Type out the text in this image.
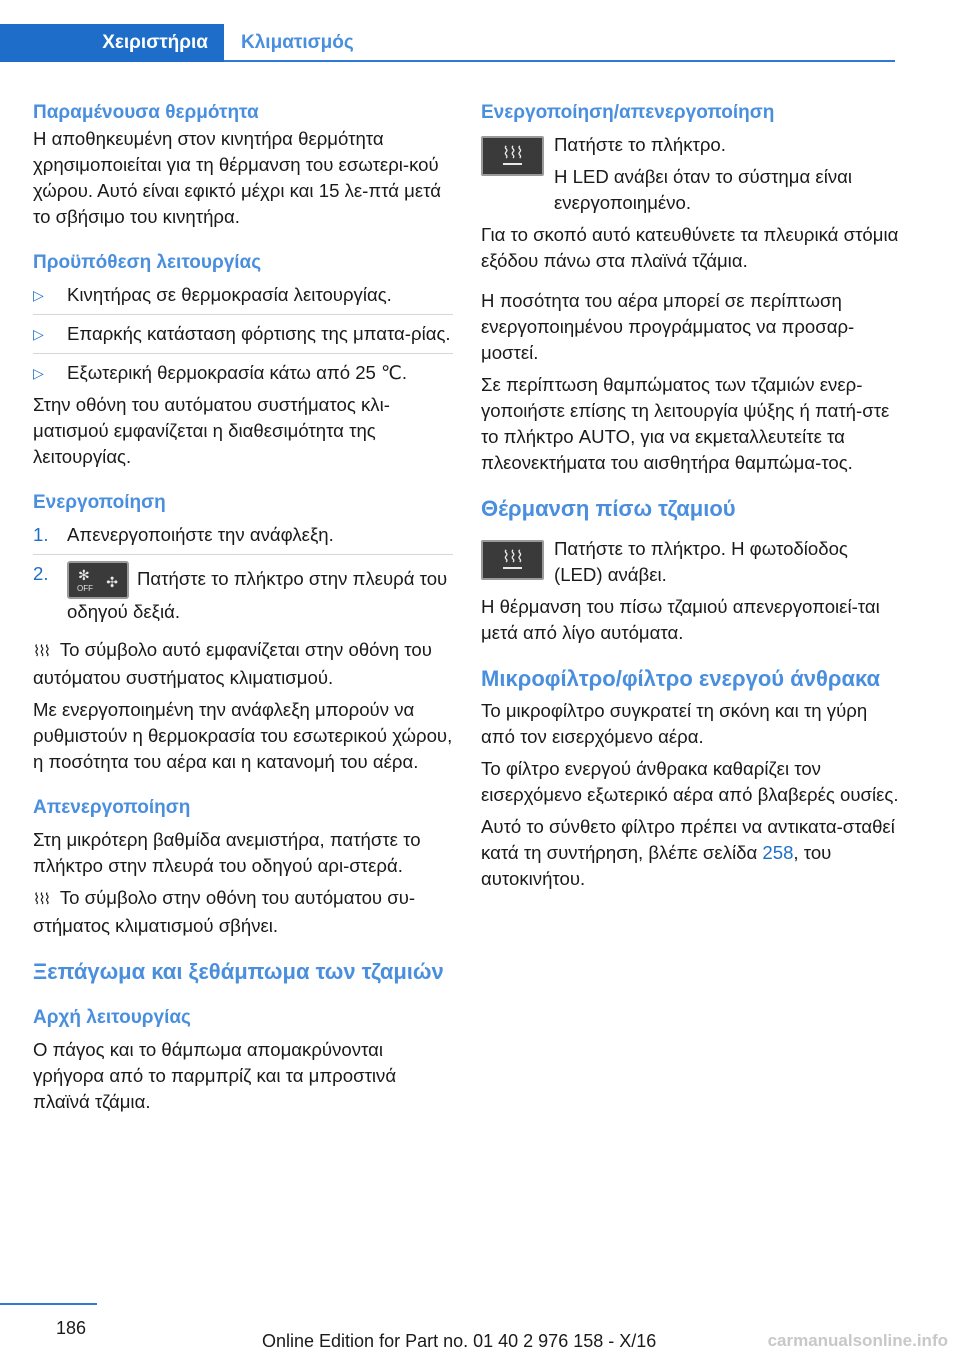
Χειριστήρια	Κλιματισμός
Παραμένουσα θερμότητα

Η αποθηκευμένη στον κινητήρα θερμότητα χρησιμοποιείται για τη θέρμανση του εσωτερι-κού χώρου. Αυτό είναι εφικτό μέχρι και 15 λε-πτά μετά το σβήσιμο του κινητήρα.

Προϋπόθεση λειτουργίας
▷	Κινητήρας σε θερμοκρασία λειτουργίας.
▷	Επαρκής κατάσταση φόρτισης της μπατα-ρίας.
▷	Εξωτερική θερμοκρασία κάτω από 25 ℃.

Στην οθόνη του αυτόματου συστήματος κλι-ματισμού εμφανίζεται η διαθεσιμότητα της λειτουργίας.

Ενεργοποίηση
1. Απενεργοποιήστε την ανάφλεξη.
2.	✻ ✣
OFF Πατήστε το πλήκτρο στην πλευρά του οδηγού δεξιά.

⌇⌇⌇ Το σύμβολο αυτό εμφανίζεται στην οθόνη του αυτόματου συστήματος κλιματισμού.

Με ενεργοποιημένη την ανάφλεξη μπορούν να ρυθμιστούν η θερμοκρασία του εσωτερικού χώρου, η ποσότητα του αέρα και η κατανομή του αέρα.

Απενεργοποίηση

Στη μικρότερη βαθμίδα ανεμιστήρα, πατήστε το πλήκτρο στην πλευρά του οδηγού αρι-στερά.

⌇⌇⌇ Το σύμβολο στην οθόνη του αυτόματου συ-στήματος κλιματισμού σβήνει.

Ξεπάγωμα και ξεθάμπωμα των τζαμιών
Αρχή λειτουργίας

Ο πάγος και το θάμπωμα απομακρύνονται γρήγορα από το παρμπρίζ και τα μπροστινά πλαϊνά τζάμια.

Ενεργοποίηση/απενεργοποίηση
⌇⌇⌇	Πατήστε το πλήκτρο.

Η LED ανάβει όταν το σύστημα είναι ενεργοποιημένο.

Για το σκοπό αυτό κατευθύνετε τα πλευρικά στόμια εξόδου πάνω στα πλαϊνά τζάμια.

Η ποσότητα του αέρα μπορεί σε περίπτωση ενεργοποιημένου προγράμματος να προσαρ-μοστεί.

Σε περίπτωση θαμπώματος των τζαμιών ενερ-γοποιήστε επίσης τη λειτουργία ψύξης ή πατή-στε το πλήκτρο AUTO, για να εκμεταλλευτείτε τα πλεονεκτήματα του αισθητήρα θαμπώμα-τος.

Θέρμανση πίσω τζαμιού
⌇⌇⌇	Πατήστε το πλήκτρο. Η φωτοδίοδος (LED) ανάβει.

Η θέρμανση του πίσω τζαμιού απενεργοποιεί-ται μετά από λίγο αυτόματα.

Μικροφίλτρο/φίλτρο ενεργού άνθρακα

Το μικροφίλτρο συγκρατεί τη σκόνη και τη γύρη από τον εισερχόμενο αέρα.

Το φίλτρο ενεργού άνθρακα καθαρίζει τον εισερχόμενο εξωτερικό αέρα από βλαβερές ουσίες.

Αυτό το σύνθετο φίλτρο πρέπει να αντικατα-σταθεί κατά τη συντήρηση, βλέπε σελίδα 258, του αυτοκινήτου.

186
Online Edition for Part no. 01 40 2 976 158 - X/16	carmanualsonline.info
